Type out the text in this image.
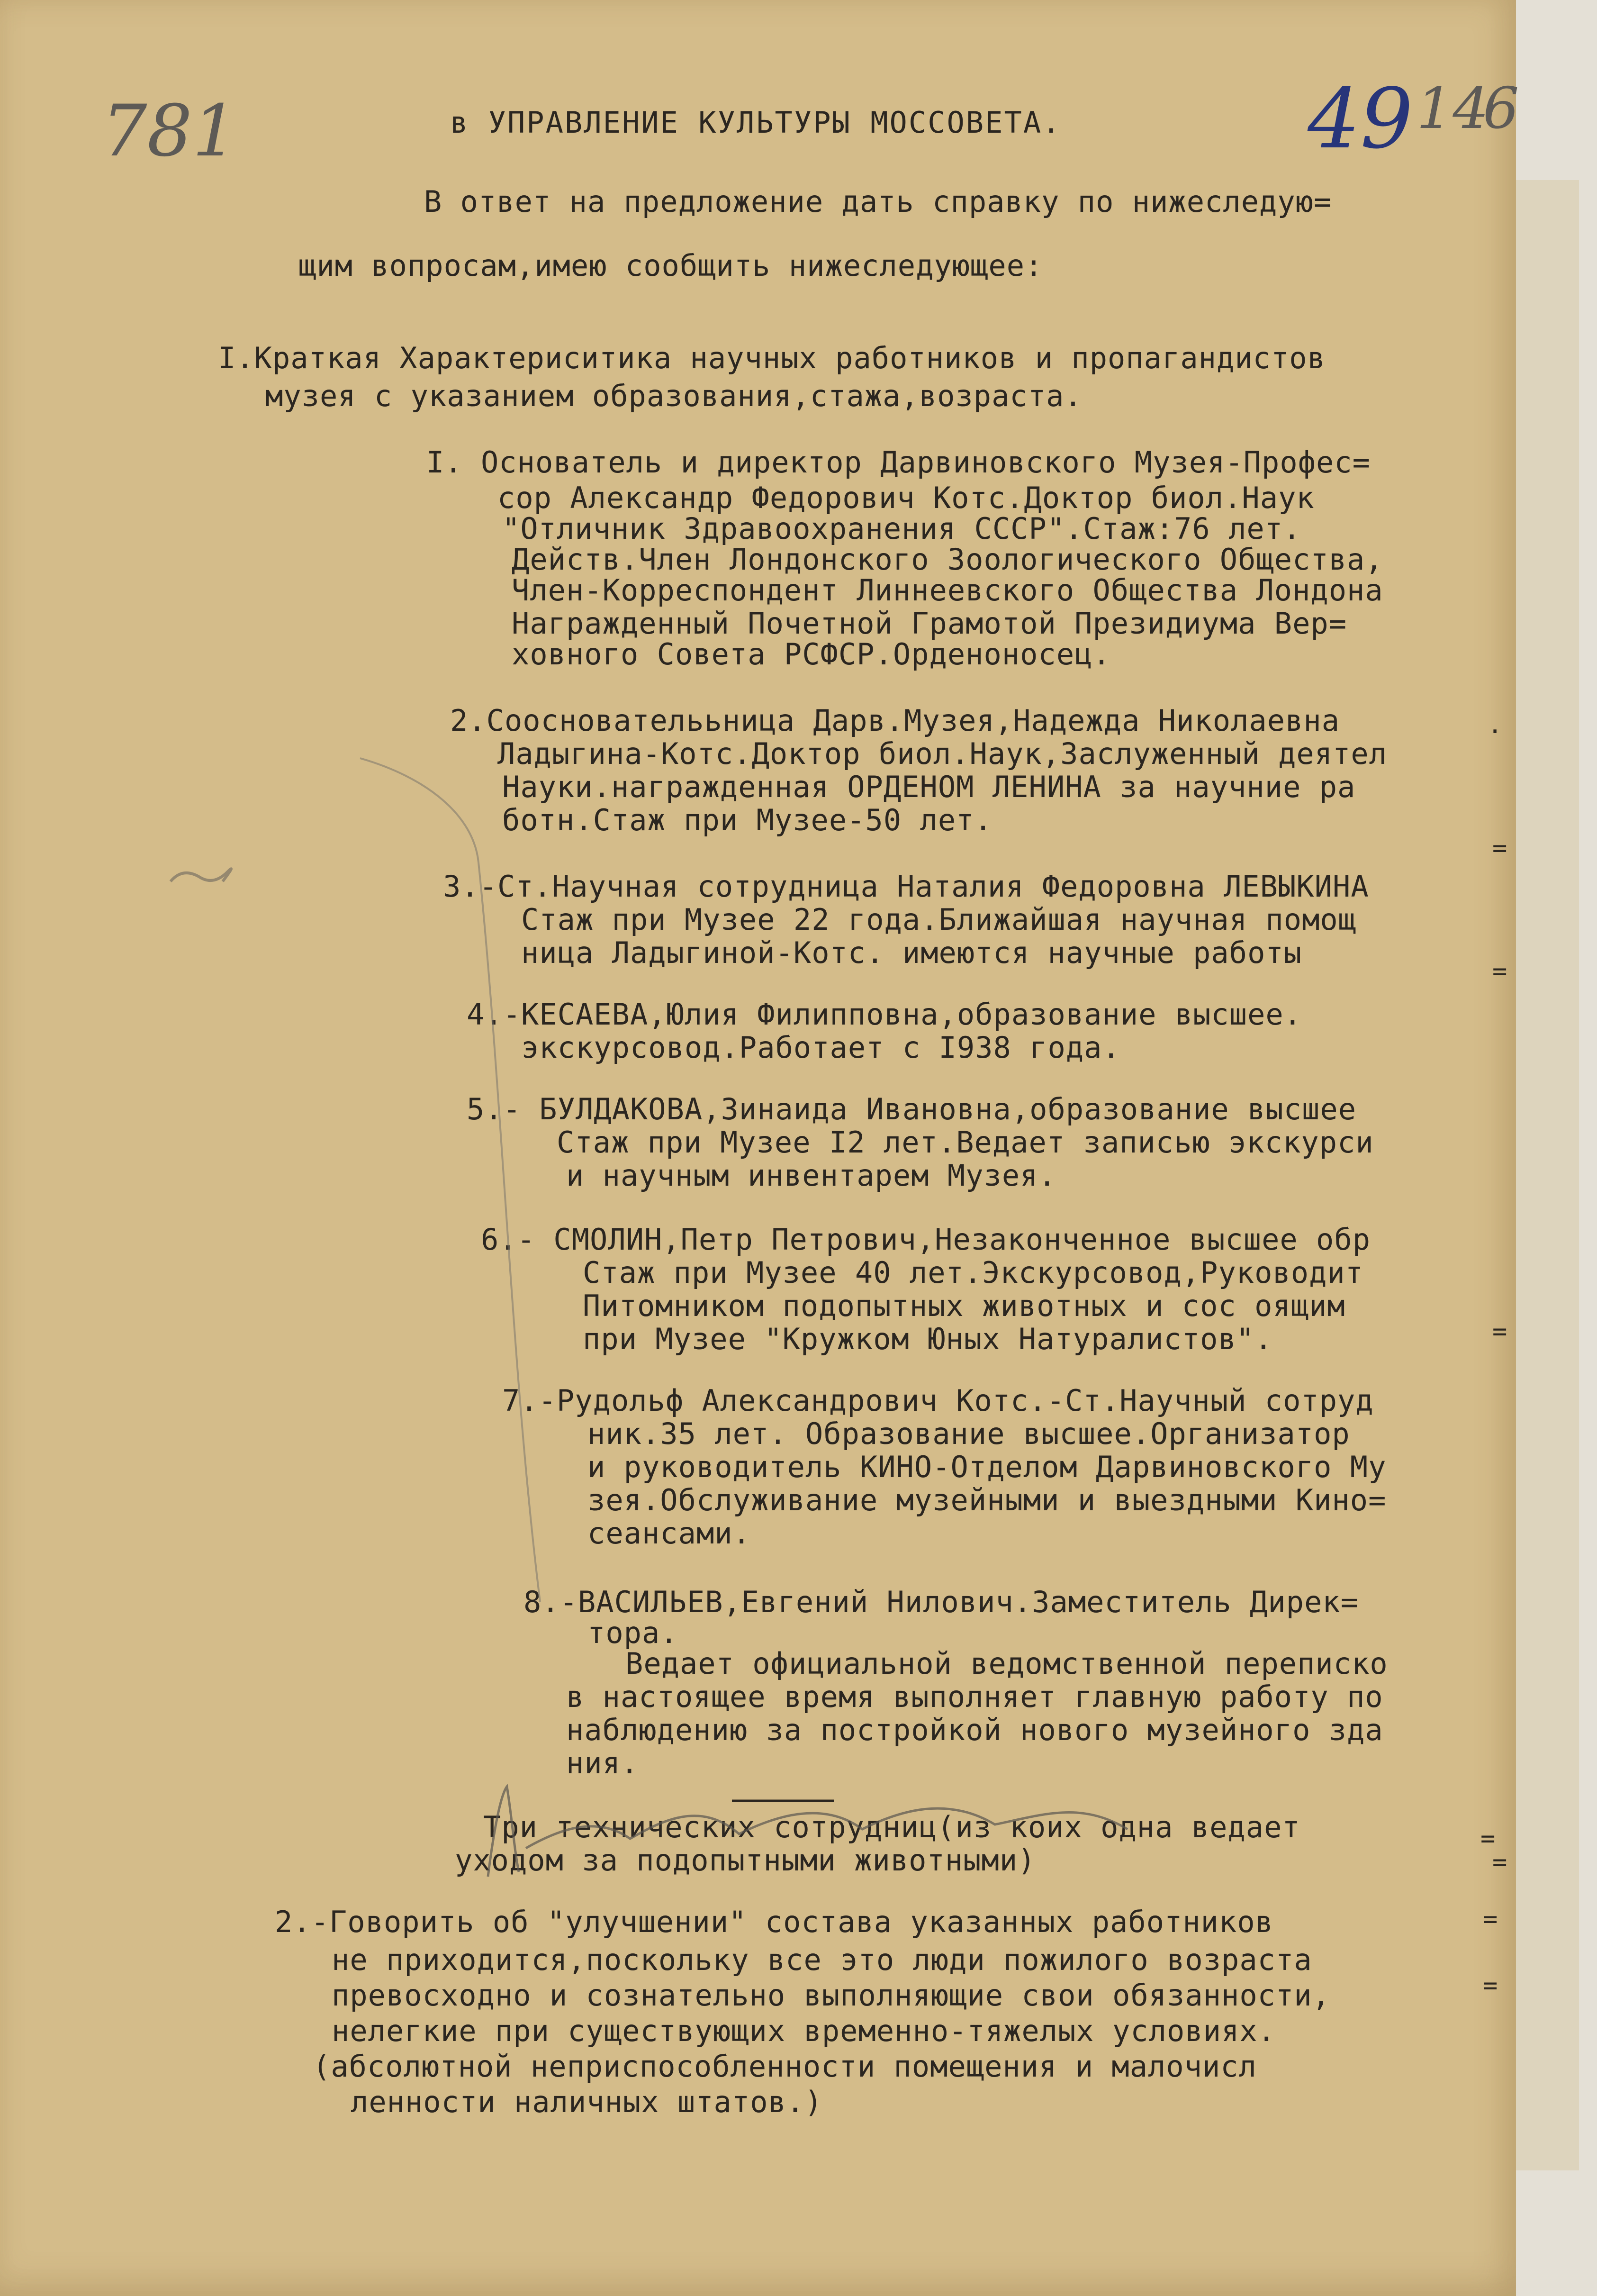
781	49 14
6
в УПРАВЛЕНИЕ КУЛЬТУРЫ МОССОВЕТА.
В ответ на предложение дать справку по нижеследую=
щим вопросам,имею сообщить нижеследующее:
I.Краткая Характериситика научных работников и пропагандистов
музея с указанием образования,стажа,возраста.
I. Основатель и директор Дарвиновского Музея-Профес=
сор Александр Федорович Котс.Доктор биол.Наук
"Отличник Здравоохранения СССР".Стаж:76 лет.
Действ.Член Лондонского Зоологического Общества,
Член-Корреспондент Линнеевского Общества Лондона
Награжденный Почетной Грамотой Президиума Вер=
ховного Совета РСФСР.Орденоносец.
2.Сооснователььница Дарв.Музея,Надежда Николаевна
Ладыгина-Котс.Доктор биол.Наук,Заслуженный деятел
Науки.награжденная ОРДЕНОМ ЛЕНИНА за научние ра
ботн.Стаж при Музее-50 лет.
3.-Ст.Научная сотрудница Наталия Федоровна ЛЕВЫКИНА
Стаж при Музее 22 года.Ближайшая научная помощ
ница Ладыгиной-Котс. имеются научные работы
4.-КЕСАЕВА,Юлия Филипповна,образование высшее.
экскурсовод.Работает с I938 года.
5.- БУЛДАКОВА,Зинаида Ивановна,образование высшее
Стаж при Музее I2 лет.Ведает записью экскурси
и научным инвентарем Музея.
6.- СМОЛИН,Петр Петрович,Незаконченное высшее обр
Стаж при Музее 40 лет.Экскурсовод,Руководит
Питомником подопытных животных и сос оящим
при Музее "Кружком Юных Натуралистов".
7.-Рудольф Александрович Котс.-Ст.Научный сотруд
ник.35 лет. Образование высшее.Организатор
и руководитель КИНО-Отделом Дарвиновского Му
зея.Обслуживание музейными и выездными Кино=
сеансами.
8.-ВАСИЛЬЕВ,Евгений Нилович.Заместитель Дирек=
тора.
Ведает официальной ведомственной переписко
в настоящее время выполняет главную работу по
наблюдению за постройкой нового музейного зда
ния.
Три технических сотрудниц(из коих одна ведает
уходом за подопытными животными)
2.-Говорить об "улучшении" состава указанных работников
не приходится,поскольку все это люди пожилого возраста
превосходно и сознательно выполняющие свои обязанности,
нелегкие при существующих временно-тяжелых условиях.
(абсолютной неприспособленности помещения и малочисл
ленности наличных штатов.)
.
=
=
=
=
=
=
=
